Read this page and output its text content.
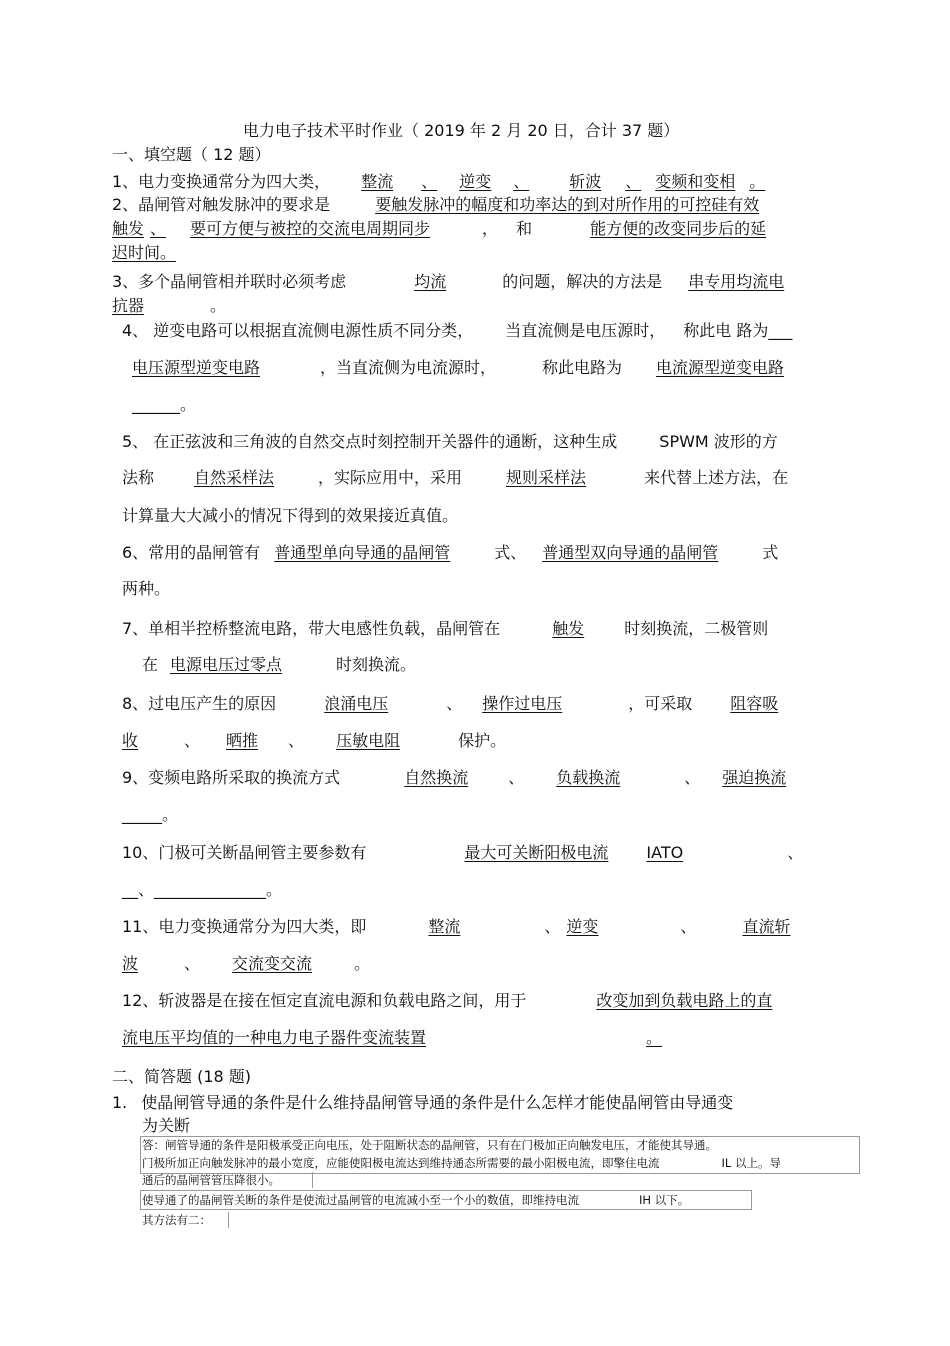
电力电子技术平时作业（ 2019 年 2 月 20 日，合计 37 题）
一、填空题（ 12 题）
1、电力变换通常分为四大类， 整流 、 逆变 、	斩波 、 变频和变相 。
2、晶闸管对触发脉冲的要求是	要触发脉冲的幅度和功率达的到对所作用的可控硅有效
触发 、 要可方便与被控的交流电周期同步	， 和	能方便的改变同步后的延
迟时间。
3、多个晶闸管相并联时必须考虑	均流	的问题，解决的方法是 串专用均流电
抗器	。
4、 逆变电路可以根据直流侧电源性质不同分类， 当直流侧是电压源时， 称此电 路为___
电压源型逆变电路	，当直流侧为电流源时，	称此电路为 电流源型逆变电路
______。
5、 在正弦波和三角波的自然交点时刻控制开关器件的通断，这种生成	SPWM 波形的方
法称	自然采样法	，实际应用中，采用	规则采样法	来代替上述方法，在
计算量大大减小的情况下得到的效果接近真值。
6、常用的晶闸管有 普通型单向导通的晶闸管	式、 普通型双向导通的晶闸管	式
两种。
7、单相半控桥整流电路，带大电感性负载，晶闸管在	触发	时刻换流，二极管则
在 电源电压过零点	时刻换流。
8、过电压产生的原因	浪涌电压	、 操作过电压	，可采取 阻容吸
收	、 晒推 、 压敏电阻	保护。
9、变频电路所采取的换流方式	自然换流	、 负载换流	、 强迫换流
_____。
10、门极可关断晶闸管主要参数有	最大可关断阳极电流 IATO	、
__、______________。
11、电力变换通常分为四大类，即	整流	、 逆变	、	直流斩
波	、 交流变交流	。
12、斩波器是在接在恒定直流电源和负载电路之间，用于	改变加到负载电路上的直
流电压平均值的一种电力电子器件变流装置	。
二、简答题 (18 题)
1. 使晶闸管导通的条件是什么维持晶闸管导通的条件是什么怎样才能使晶闸管由导通变
为关断
答：闸管导通的条件是阳极承受正向电压，处于阻断状态的晶闸管，只有在门极加正向触发电压，才能使其导通。
门极所加正向触发脉冲的最小宽度，应能使阳极电流达到维持通态所需要的最小阳极电流，即擎住电流	IL 以上。导
通后的晶闸管管压降很小。
使导通了的晶闸管关断的条件是使流过晶闸管的电流减小至一个小的数值，即维持电流	IH 以下。
其方法有二：
